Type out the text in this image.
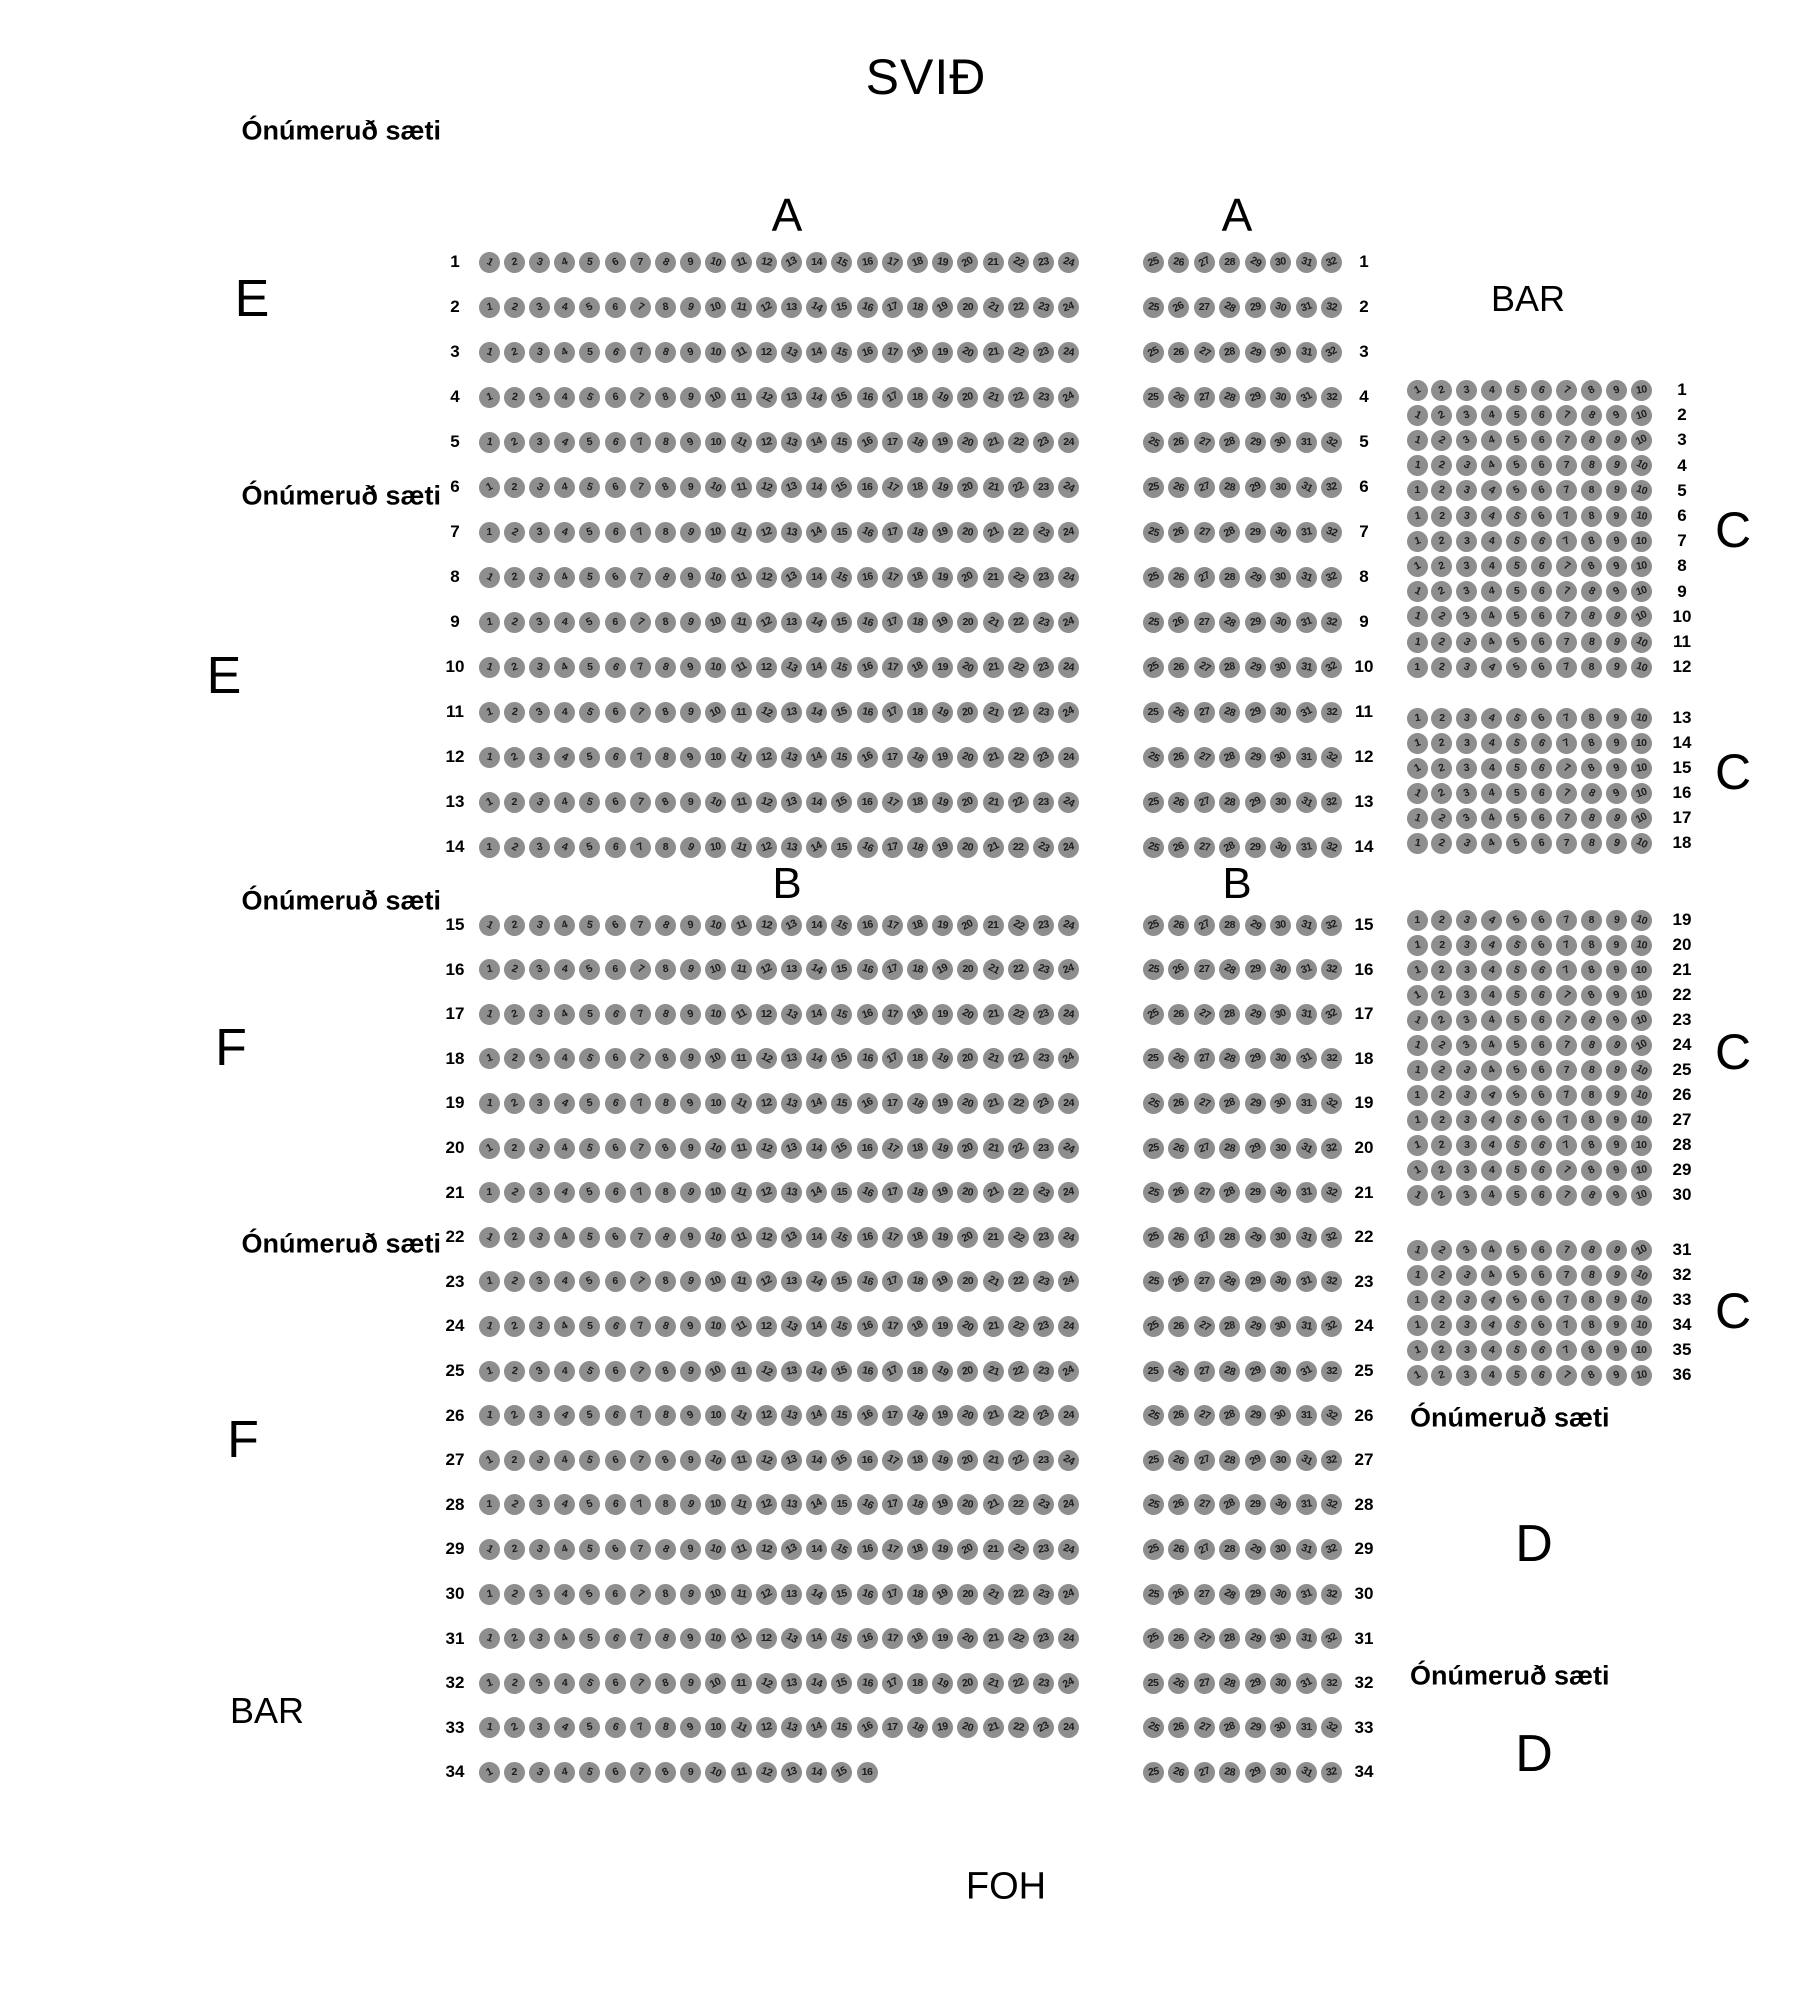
SVIÐ
FOH
Ónúmeruð sæti
Ónúmeruð sæti
Ónúmeruð sæti
Ónúmeruð sæti
Ónúmeruð sæti
Ónúmeruð sæti
A	A
B	B
C
C
C
C
D
D
E
E
F
F
BAR
BAR
1	1	2	3	4	5	6	7	8	9	10	11	12	13	14	15	16	17	18	19	20	21	22	23	24	25	26	27	28	29	30	31	32	1
2	1	2	3	4	5	6	7	8	9	10	11	12	13	14	15	16	17	18	19	20	21	22	23	24	25	26	27	28	29	30	31	32	2
3	1	2	3	4	5	6	7	8	9	10	11	12	13	14	15	16	17	18	19	20	21	22	23	24	25	26	27	28	29	30	31	32	3
4	1	2	3	4	5	6	7	8	9	10	11	12	13	14	15	16	17	18	19	20	21	22	23	24	25	26	27	28	29	30	31	32	4
5	1	2	3	4	5	6	7	8	9	10	11	12	13	14	15	16	17	18	19	20	21	22	23	24	25	26	27	28	29	30	31	32	5
6	1	2	3	4	5	6	7	8	9	10	11	12	13	14	15	16	17	18	19	20	21	22	23	24	25	26	27	28	29	30	31	32	6
7	1	2	3	4	5	6	7	8	9	10	11	12	13	14	15	16	17	18	19	20	21	22	23	24	25	26	27	28	29	30	31	32	7
8	1	2	3	4	5	6	7	8	9	10	11	12	13	14	15	16	17	18	19	20	21	22	23	24	25	26	27	28	29	30	31	32	8
9	1	2	3	4	5	6	7	8	9	10	11	12	13	14	15	16	17	18	19	20	21	22	23	24	25	26	27	28	29	30	31	32	9
10	1	2	3	4	5	6	7	8	9	10	11	12	13	14	15	16	17	18	19	20	21	22	23	24	25	26	27	28	29	30	31	32 10
11	1	2	3	4	5	6	7	8	9	10	11	12	13	14	15	16	17	18	19	20	21	22	23	24	25	26	27	28	29	30	31	32	11
12	1	2	3	4	5	6	7	8	9	10	11	12	13	14	15	16	17	18	19	20	21	22	23	24	25	26	27	28	29	30	31	32 12
13	1	2	3	4	5	6	7	8	9	10	11	12	13	14	15	16	17	18	19	20	21	22	23	24	25	26	27	28	29	30	31	32 13
14	1	2	3	4	5	6	7	8	9	10	11	12	13	14	15	16	17	18	19	20	21	22	23	24	25	26	27	28	29	30	31	32 14
15	1	2	3	4	5	6	7	8	9	10	11	12	13	14	15	16	17	18	19	20	21	22	23	24	25	26	27	28	29	30	31	32 15
16	1	2	3	4	5	6	7	8	9	10	11	12	13	14	15	16	17	18	19	20	21	22	23	24	25	26	27	28	29	30	31	32 16
17	1	2	3	4	5	6	7	8	9	10	11	12	13	14	15	16	17	18	19	20	21	22	23	24	25	26	27	28	29	30	31	32 17
18	1	2	3	4	5	6	7	8	9	10	11	12	13	14	15	16	17	18	19	20	21	22	23	24	25	26	27	28	29	30	31	32	18
19	1	2	3	4	5	6	7	8	9	10	11	12	13	14	15	16	17	18	19	20	21	22	23	24	25	26	27	28	29	30	31	32 19
20	1	2	3	4	5	6	7	8	9	10	11	12	13	14	15	16	17	18	19	20	21	22	23	24	25	26	27	28	29	30	31	32 20
21	1	2	3	4	5	6	7	8	9	10	11	12	13	14	15	16	17	18	19	20	21	22	23	24	25	26	27	28	29	30	31	32 21
22	1	2	3	4	5	6	7	8	9	10	11	12	13	14	15	16	17	18	19	20	21	22	23	24	25	26	27	28	29	30	31	32 22
23	1	2	3	4	5	6	7	8	9	10	11	12	13	14	15	16	17	18	19	20	21	22	23	24	25	26	27	28	29	30	31	32 23
24	1	2	3	4	5	6	7	8	9	10	11	12	13	14	15	16	17	18	19	20	21	22	23	24	25	26	27	28	29	30	31	32 24
25	1	2	3	4	5	6	7	8	9	10	11	12	13	14	15	16	17	18	19	20	21	22	23	24	25	26	27	28	29	30	31	32	25
26	1	2	3	4	5	6	7	8	9	10	11	12	13	14	15	16	17	18	19	20	21	22	23	24	25	26	27	28	29	30	31	32 26
27	1	2	3	4	5	6	7	8	9	10	11	12	13	14	15	16	17	18	19	20	21	22	23	24	25	26	27	28	29	30	31	32 27
28	1	2	3	4	5	6	7	8	9	10	11	12	13	14	15	16	17	18	19	20	21	22	23	24	25	26	27	28	29	30	31	32 28
29	1	2	3	4	5	6	7	8	9	10	11	12	13	14	15	16	17	18	19	20	21	22	23	24	25	26	27	28	29	30	31	32 29
30	1	2	3	4	5	6	7	8	9	10	11	12	13	14	15	16	17	18	19	20	21	22	23	24	25	26	27	28	29	30	31	32 30
31	1	2	3	4	5	6	7	8	9	10	11	12	13	14	15	16	17	18	19	20	21	22	23	24	25	26	27	28	29	30	31	32 31
32	1	2	3	4	5	6	7	8	9	10	11	12	13	14	15	16	17	18	19	20	21	22	23	24	25	26	27	28	29	30	31	32	32
33	1	2	3	4	5	6	7	8	9	10	11	12	13	14	15	16	17	18	19	20	21	22	23	24	25	26	27	28	29	30	31	32 33
34	1	2	3	4	5	6	7	8	9	10	11	12	13	14	15	16	25	26	27	28	29	30	31	32 34
1	2	3	4	5	6	7	8	9	10	1
1	2	3	4	5	6	7	8	9	10	2
1	2	3	4	5	6	7	8	9	10	3
1	2	3	4	5	6	7	8	9	10	4
1	2	3	4	5	6	7	8	9	10	5
1	2	3	4	5	6	7	8	9	10	6
1	2	3	4	5	6	7	8	9	10	7
1	2	3	4	5	6	7	8	9	10	8
1	2	3	4	5	6	7	8	9	10	9
1	2	3	4	5	6	7	8	9	10	10
1	2	3	4	5	6	7	8	9	10	11
1	2	3	4	5	6	7	8	9	10	12
1	2	3	4	5	6	7	8	9	10	13
1	2	3	4	5	6	7	8	9	10	14
1	2	3	4	5	6	7	8	9	10	15
1	2	3	4	5	6	7	8	9	10	16
1	2	3	4	5	6	7	8	9	10	17
1	2	3	4	5	6	7	8	9	10	18
1	2	3	4	5	6	7	8	9	10	19
1	2	3	4	5	6	7	8	9	10	20
1	2	3	4	5	6	7	8	9	10	21
1	2	3	4	5	6	7	8	9	10	22
1	2	3	4	5	6	7	8	9	10	23
1	2	3	4	5	6	7	8	9	10	24
1	2	3	4	5	6	7	8	9	10	25
1	2	3	4	5	6	7	8	9	10	26
1	2	3	4	5	6	7	8	9	10	27
1	2	3	4	5	6	7	8	9	10	28
1	2	3	4	5	6	7	8	9	10	29
1	2	3	4	5	6	7	8	9	10	30
1	2	3	4	5	6	7	8	9	10	31
1	2	3	4	5	6	7	8	9	10	32
1	2	3	4	5	6	7	8	9	10	33
1	2	3	4	5	6	7	8	9	10	34
1	2	3	4	5	6	7	8	9	10	35
1	2	3	4	5	6	7	8	9	10	36
